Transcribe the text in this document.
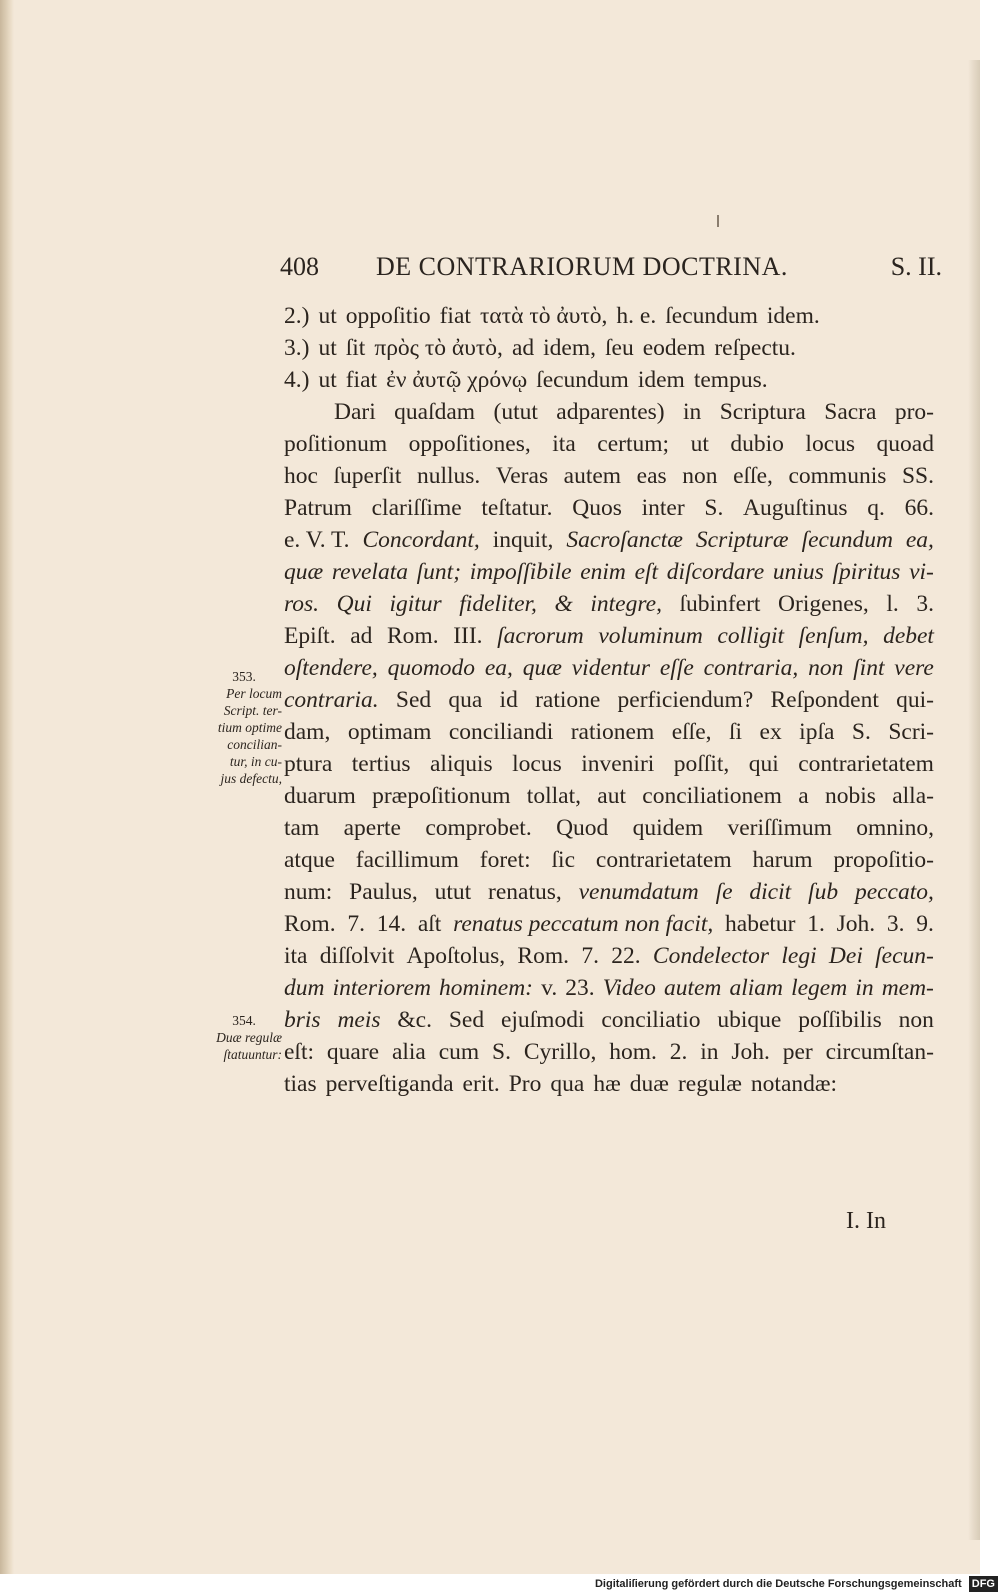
408 DE CONTRARIORUM DOCTRINA.	S. II.
2.) ut oppoſitio fiat τατὰ τὸ ἀυτὸ, h. e. ſecundum idem.
3.) ut ſit πρὸς τὸ ἀυτὸ, ad idem, ſeu eodem reſpectu.
4.) ut fiat ἐν ἀυτῷ χρόνῳ ſecundum idem tempus.
Dari quaſdam (utut adparentes) in Scriptura Sacra pro-
poſitionum oppoſitiones, ita certum; ut dubio locus quoad
hoc ſuperſit nullus. Veras autem eas non eſſe, communis SS.
Patrum clariſſime teſtatur. Quos inter S. Auguſtinus q. 66.
e. V. T. Concordant, inquit, Sacroſanctæ Scripturæ ſecundum ea,
quæ revelata ſunt; impoſſibile enim eſt diſcordare unius ſpiritus vi-
ros. Qui igitur fideliter, & integre, ſubinfert Origenes, l. 3.
Epiſt. ad Rom. III. ſacrorum voluminum colligit ſenſum, debet
oſtendere, quomodo ea, quæ videntur eſſe contraria, non ſint vere
contraria. Sed qua id ratione perficiendum? Reſpondent qui-
dam, optimam conciliandi rationem eſſe, ſi ex ipſa S. Scri-
ptura tertius aliquis locus inveniri poſſit, qui contrarietatem
duarum præpoſitionum tollat, aut conciliationem a nobis alla-
tam aperte comprobet. Quod quidem veriſſimum omnino,
atque facillimum foret: ſic contrarietatem harum propoſitio-
num: Paulus, utut renatus, venumdatum ſe dicit ſub peccato,
Rom. 7. 14. aſt renatus peccatum non facit, habetur 1. Joh. 3. 9.
ita diſſolvit Apoſtolus, Rom. 7. 22. Condelector legi Dei ſecun-
dum interiorem hominem: v. 23. Video autem aliam legem in mem-
bris meis &c. Sed ejuſmodi conciliatio ubique poſſibilis non
eſt: quare alia cum S. Cyrillo, hom. 2. in Joh. per circumſtan-
tias perveſtiganda erit. Pro qua hæ duæ regulæ notandæ:
353.
Per locum
Script. ter-
tium optime
concilian-
tur, in cu-
jus defectu,
354.
Duæ regulæ
ſtatuuntur:
I. In
Digitaliſierung gefördert durch die Deutsche Forschungsgemeinschaft DFG
